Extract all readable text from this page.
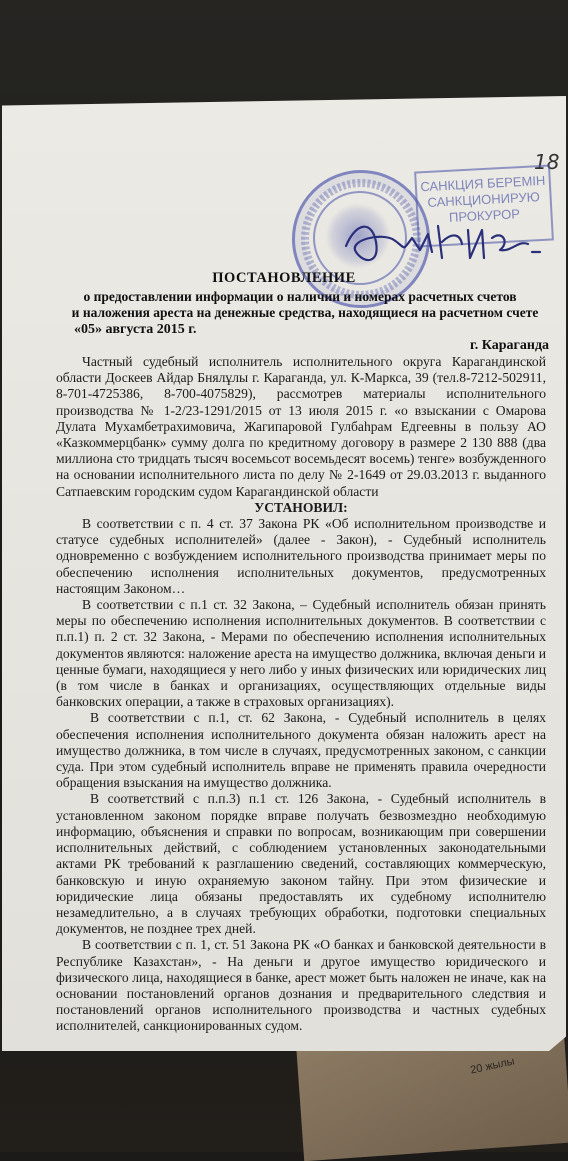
20 жылы
18
САНКЦИЯ БЕРЕМІН
САНКЦИОНИРУЮ
ПРОКУРОР
ПОСТАНОВЛЕНИЕ
о предоставлении информации о наличии и номерах расчетных счетов
и наложения ареста на денежные средства, находящиеся на расчетном счете
«05» августа 2015 г.
г. Караганда

Частный судебный исполнитель исполнительного округа Карагандинской области Доскеев Айдар Бнялұлы г. Караганда, ул. К-Маркса, 39 (тел.8-7212-502911, 8-701-4725386, 8-700-4075829), рассмотрев материалы исполнительного производства № 1-2/23-1291/2015 от 13 июля 2015 г. «о взыскании с Омарова Дулата Мухамбетрахимовича, Жагипаровой Гулбаһрам Едгеевны в пользу АО «Казкоммерцбанк» сумму долга по кредитному договору в размере 2 130 888 (два миллиона сто тридцать тысяч восемьсот восемьдесят восемь) тенге» возбужденного на основании исполнительного листа по делу № 2-1649 от 29.03.2013 г. выданного Сатпаевским городским судом Карагандинской области

УСТАНОВИЛ:

В соответствии с п. 4 ст. 37 Закона РК «Об исполнительном производстве и статусе судебных исполнителей» (далее - Закон), - Судебный исполнитель одновременно с возбуждением исполнительного производства принимает меры по обеспечению исполнения исполнительных документов, предусмотренных настоящим Законом…

В соответствии с п.1 ст. 32 Закона, – Судебный исполнитель обязан принять меры по обеспечению исполнения исполнительных документов. В соответствии с п.п.1) п. 2 ст. 32 Закона, - Мерами по обеспечению исполнения исполнительных документов являются: наложение ареста на имущество должника, включая деньги и ценные бумаги, находящиеся у него либо у иных физических или юридических лиц (в том числе в банках и организациях, осуществляющих отдельные виды банковских операции, а также в страховых организациях).

В соответствии с п.1, ст. 62 Закона, - Судебный исполнитель в целях обеспечения исполнения исполнительного документа обязан наложить арест на имущество должника, в том числе в случаях, предусмотренных законом, с санкции суда. При этом судебный исполнитель вправе не применять правила очередности обращения взыскания на имущество должника.

В соответствий с п.п.3) п.1 ст. 126 Закона, - Судебный исполнитель в установленном законом порядке вправе получать безвозмездно необходимую информацию, объяснения и справки по вопросам, возникающим при совершении исполнительных действий, с соблюдением установленных законодательными актами РК требований к разглашению сведений, составляющих коммерческую, банковскую и иную охраняемую законом тайну. При этом физические и юридические лица обязаны предоставлять их судебному исполнителю незамедлительно, а в случаях требующих обработки, подготовки специальных документов, не позднее трех дней.

В соответствии с п. 1, ст. 51 Закона РК «О банках и банковской деятельности в Республике Казахстан», - На деньги и другое имущество юридического и физического лица, находящиеся в банке, арест может быть наложен не иначе, как на основании постановлений органов дознания и предварительного следствия и постановлений органов исполнительного производства и частных судебных исполнителей, санкционированных судом.
